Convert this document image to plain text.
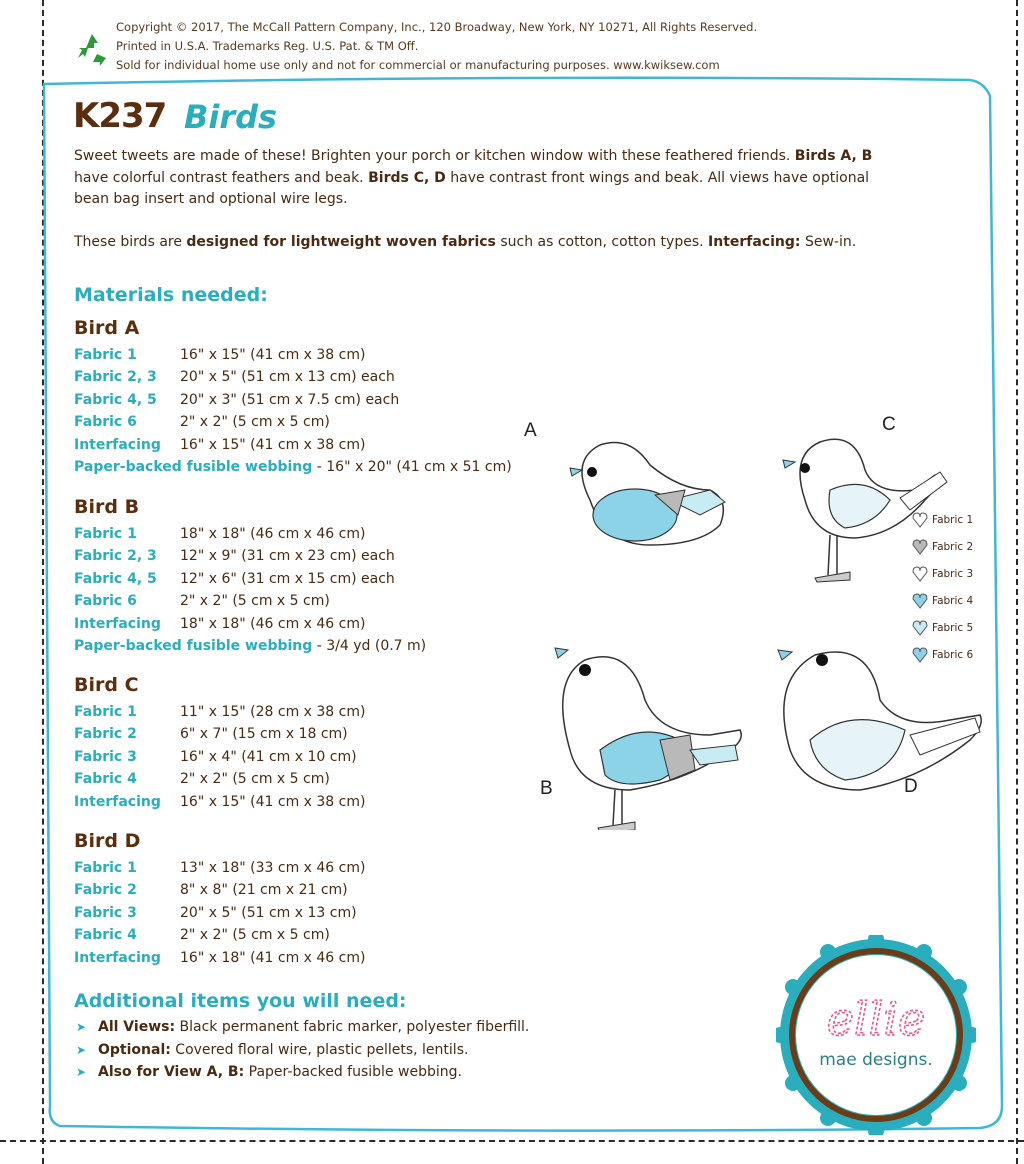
Copyright © 2017, The McCall Pattern Company, Inc., 120 Broadway, New York, NY 10271, All Rights Reserved.
Printed in U.S.A. Trademarks Reg. U.S. Pat. & TM Off.
Sold for individual home use only and not for commercial or manufacturing purposes. www.kwiksew.com
K237 Birds

Sweet tweets are made of these! Brighten your porch or kitchen window with these feathered friends. Birds A, B have colorful contrast feathers and beak. Birds C, D have contrast front wings and beak. All views have optional bean bag insert and optional wire legs.

These birds are designed for lightweight woven fabrics such as cotton, cotton types. Interfacing: Sew-in.

Materials needed:
Bird A
Fabric 1	16" x 15" (41 cm x 38 cm)
Fabric 2, 3 20" x 5" (51 cm x 13 cm) each
Fabric 4, 5 20" x 3" (51 cm x 7.5 cm) each
Fabric 6	2" x 2" (5 cm x 5 cm)
Interfacing 16" x 15" (41 cm x 38 cm)
Paper-backed fusible webbing - 16" x 20" (41 cm x 51 cm)
Bird B
Fabric 1	18" x 18" (46 cm x 46 cm)
Fabric 2, 3 12" x 9" (31 cm x 23 cm) each
Fabric 4, 5 12" x 6" (31 cm x 15 cm) each
Fabric 6	2" x 2" (5 cm x 5 cm)
Interfacing 18" x 18" (46 cm x 46 cm)
Paper-backed fusible webbing - 3/4 yd (0.7 m)
Bird C
Fabric 1	11" x 15" (28 cm x 38 cm)
Fabric 2	6" x 7" (15 cm x 18 cm)
Fabric 3	16" x 4" (41 cm x 10 cm)
Fabric 4	2" x 2" (5 cm x 5 cm)
Interfacing 16" x 15" (41 cm x 38 cm)
Bird D
Fabric 1	13" x 18" (33 cm x 46 cm)
Fabric 2	8" x 8" (21 cm x 21 cm)
Fabric 3	20" x 5" (51 cm x 13 cm)
Fabric 4	2" x 2" (5 cm x 5 cm)
Interfacing 16" x 18" (41 cm x 46 cm)
Additional items you will need:
➤ All Views: Black permanent fabric marker, polyester fiberfill.
➤ Optional: Covered floral wire, plastic pellets, lentils.
➤ Also for View A, B: Paper-backed fusible webbing.
A	C
B	D
Fabric 1
Fabric 2
Fabric 3
Fabric 4
Fabric 5
Fabric 6
ellie
mae designs.
